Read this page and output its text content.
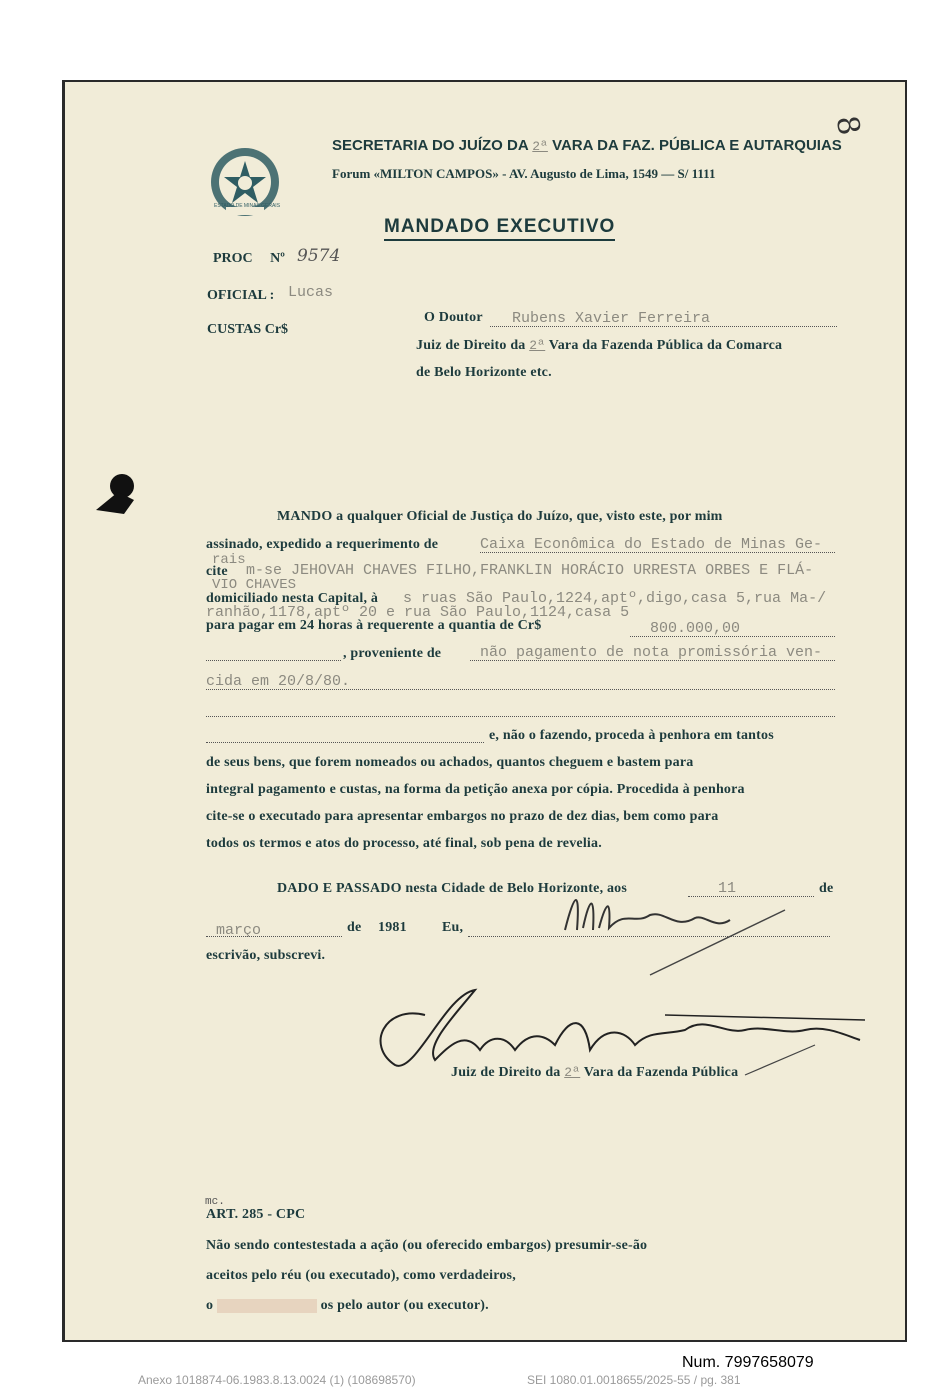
ESTADO DE MINAS GERAIS
SECRETARIA DO JUÍZO DA 2ª VARA DA FAZ. PÚBLICA E AUTARQUIAS
8
Forum «MILTON CAMPOS» - AV. Augusto de Lima, 1549 — S/ 1111
MANDADO EXECUTIVO
PROC Nº 9574
OFICIAL : Lucas
CUSTAS Cr$
O Doutor Rubens Xavier Ferreira
Juiz de Direito da 2ª Vara da Fazenda Pública da Comarca
de Belo Horizonte etc.
MANDO a qualquer Oficial de Justiça do Juízo, que, visto este, por mim
assinado, expedido a requerimento de	Caixa Econômica do Estado de Minas Ge-
rais
cite m-se JEHOVAH CHAVES FILHO,FRANKLIN HORÁCIO URRESTA ORBES E FLÁ-
VIO CHAVES
domiciliado nesta Capital, à s ruas São Paulo,1224,aptº,digo,casa 5,rua Ma-/
ranhão,1178,aptº 20 e rua São Paulo,1124,casa 5
para pagar em 24 horas à requerente a quantia de Cr$	800.000,00
, proveniente de	não pagamento de nota promissória ven-
cida em 20/8/80.
e, não o fazendo, proceda à penhora em tantos
de seus bens, que forem nomeados ou achados, quantos cheguem e bastem para
integral pagamento e custas, na forma da petição anexa por cópia. Procedida à penhora
cite-se o executado para apresentar embargos no prazo de dez dias, bem como para
todos os termos e atos do processo, até final, sob pena de revelia.
DADO E PASSADO nesta Cidade de Belo Horizonte, aos	11	de
março	de 1981	Eu,
escrivão, subscrevi.
Juiz de Direito da 2ª Vara da Fazenda Pública
mc.
ART. 285 - CPC
Não sendo contestestada a ação (ou oferecido embargos) presumir-se-ão
aceitos pelo réu (ou executado), como verdadeiros,
o	os pelo autor (ou executor).
Num. 7997658079
Anexo 1018874-06.1983.8.13.0024 (1) (108698570)	SEI 1080.01.0018655/2025-55 / pg. 381
